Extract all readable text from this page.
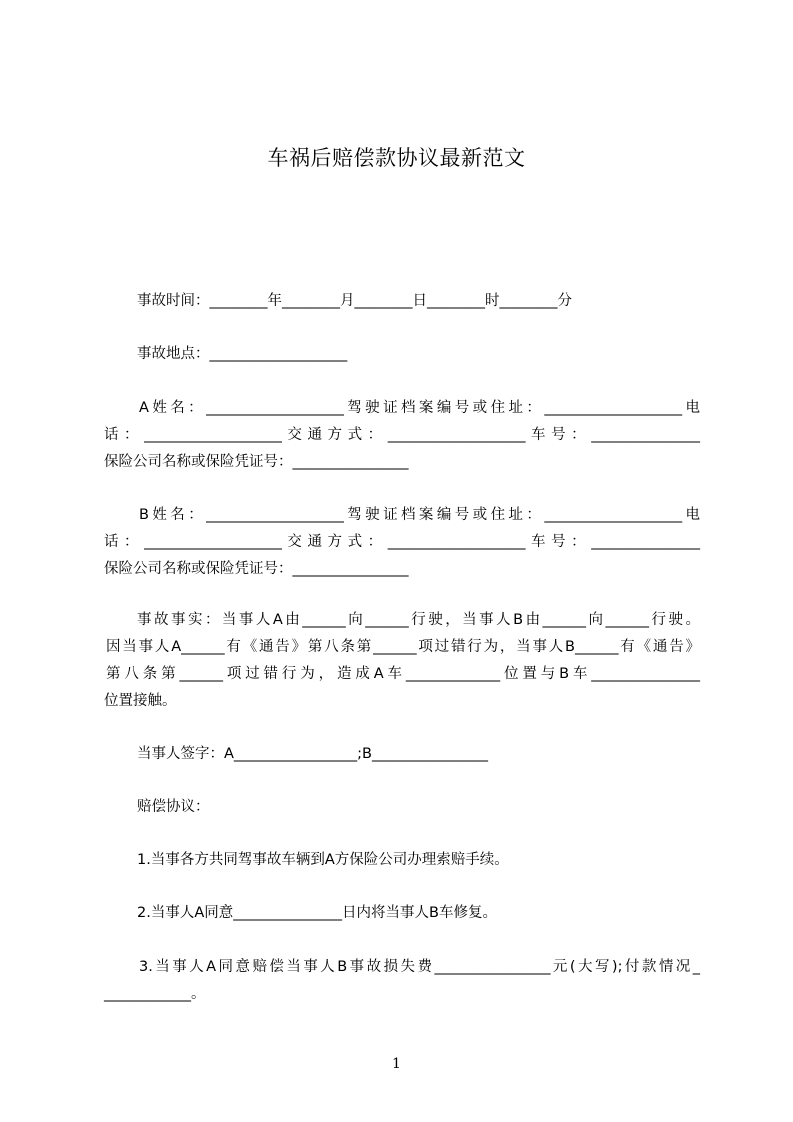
车祸后赔偿款协议最新范文
事故时间：________年________月________日________时________分
事故地点：___________________
A姓名：___________________驾驶证档案编号或住址：___________________电
话：___________________交通方式：___________________车号：_______________
保险公司名称或保险凭证号：________________
B姓名：___________________驾驶证档案编号或住址：___________________电
话：___________________交通方式：___________________车号：_______________
保险公司名称或保险凭证号：________________
事故事实：当事人A由______向______行驶，当事人B由______向______行驶。
因当事人A______有《通告》第八条第______项过错行为，当事人B______有《通告》
第八条第______项过错行为，造成A车_____________位置与B车_______________
位置接触。
当事人签字：A_________________;B________________
赔偿协议：
1.当事各方共同驾事故车辆到A方保险公司办理索赔手续。
2.当事人A同意_______________日内将当事人B车修复。
3.当事人A同意赔偿当事人B事故损失费________________元(大写);付款情况_
____________。
1
